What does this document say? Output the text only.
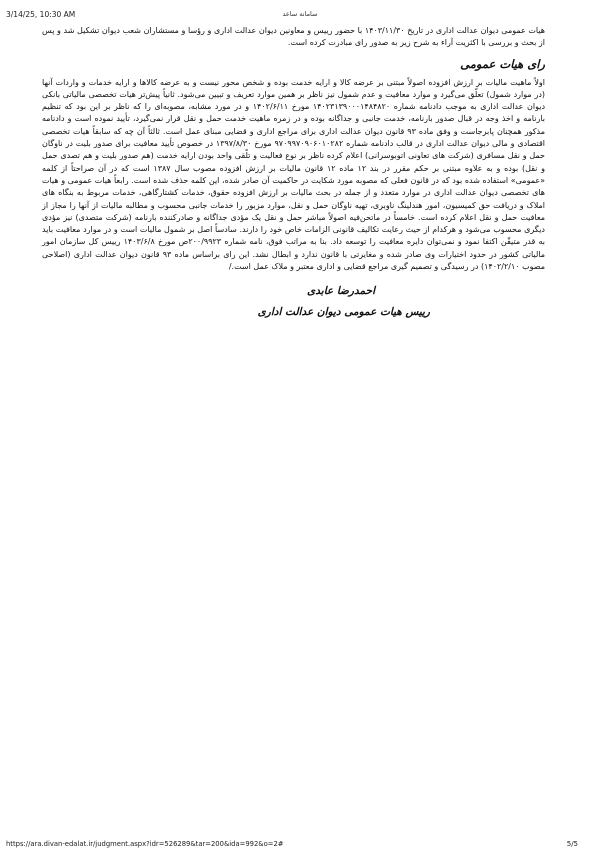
3/14/25, 10:30 AM	سامانه ساعد

هیات عمومی دیوان عدالت اداری در تاریخ ۱۴۰۳/۱۱/۳۰ با حضور رییس و معاونین دیوان عدالت اداری و رؤسا و مستشاران شعب دیوان تشکیل شد و پس از بحث و بررسی با اکثریت آراء به شرح زیر به صدور رای مبادرت کرده است.

رای هیات عمومی

اولاً ماهیت مالیات بر ارزش افزوده اصولاً مبتنی بر عرضه کالا و ارایه خدمت بوده و شخص محور نیست و به عرضه کالاها و ارایه خدمات و واردات آنها (در موارد شمول) تعلّق می‌گیرد و موارد معافیت و عدم شمول نیز ناظر بر همین موارد تعریف و تبیین می‌شود. ثانیاً پیش‌تر هیات تخصصی مالیاتی بانکی دیوان عدالت اداری به موجب دادنامه شماره ۱۴۰۲۳۱۳۹۰۰۰۱۴۸۴۸۲۰ مورخ ۱۴۰۲/۶/۱۱ و در مورد مشابه، مصوبه‌ای را که ناظر بر این بود که تنظیم بارنامه و اخذ وجه در قبال صدور بارنامه، خدمت جانبی و جداگانه بوده و در زمره ماهیت خدمت حمل و نقل قرار نمی‌گیرد، تأیید نموده است و دادنامه مذکور همچنان پابرجاست و وفق ماده ۹۳ قانون دیوان عدالت اداری برای مراجع اداری و قضایی مبنای عمل است. ثالثاً آن چه که سابقاً هیات تخصصی اقتصادی و مالی دیوان عدالت اداری در قالب دادنامه شماره ۹۷۰۹۹۷۰۹۰۶۰۱۰۲۸۲ مورخ ۱۳۹۷/۸/۳۰ در خصوص تأیید معافیت برای صدور بلیت در ناوگان حمل و نقل مسافری (شرکت های تعاونی اتوبوسرانی) اعلام کرده ناظر بر نوع فعالیت و تلّقی واحد بودن ارایه خدمت (هم صدور بلیت و هم تصدی حمل و نقل) بوده و به علاوه مبتنی بر حکم مقرر در بند ۱۲ ماده ۱۲ قانون مالیات بر ارزش افزوده مصوب سال ۱۳۸۷ است که در آن صراحتاً از کلمه «عمومی» استفاده شده بود که در قانون فعلی که مصوبه مورد شکایت در حاکمیت آن صادر شده، این کلمه حذف شده است. رابعاً هیات عمومی و هیات های تخصصی دیوان عدالت اداری در موارد متعدد و از جمله در بحث مالیات بر ارزش افزوده حقوق، خدمات کشتارگاهی، خدمات مربوط به بنگاه های املاک و دریافت حق کمیسیون، امور هندلینگ ناوبری، تهیه ناوگان حمل و نقل، موارد مزبور را خدمات جانبی محسوب و مطالبه مالیات از آنها را مجاز از معافیت حمل و نقل اعلام کرده است. خامساً در ماتحن‌فیه اصولاً مباشر حمل و نقل یک مؤدی جداگانه و صادرکننده بارنامه (شرکت متصدی) نیز مؤدی دیگری محسوب می‌شود و هرکدام از حیث رعایت تکالیف قانونی الزامات خاص خود را دارند. سادساً اصل بر شمول مالیات است و در موارد معافیت باید به قدر متیقّن اکتفا نمود و نمی‌توان دایره معافیت را توسعه داد. بنا به مراتب فوق، نامه شماره ۲۰۰/۹۹۲۳ص مورخ ۱۴۰۳/۶/۸ رییس کل سازمان امور مالیاتی کشور در حدود اختیارات وی صادر شده و مغایرتی با قانون ندارد و ابطال نشد. این رای براساس ماده ۹۳ قانون دیوان عدالت اداری (اصلاحی مصوب ۱۴۰۲/۲/۱۰) در رسیدگی و تصمیم گیری مراجع قضایی و اداری معتبر و ملاک عمل است./

احمدرضا عابدی
رییس هیات عمومی دیوان عدالت اداری
https://ara.divan-edalat.ir/judgment.aspx?idr=526289&tar=200&ida=992&o=2#	5/5
